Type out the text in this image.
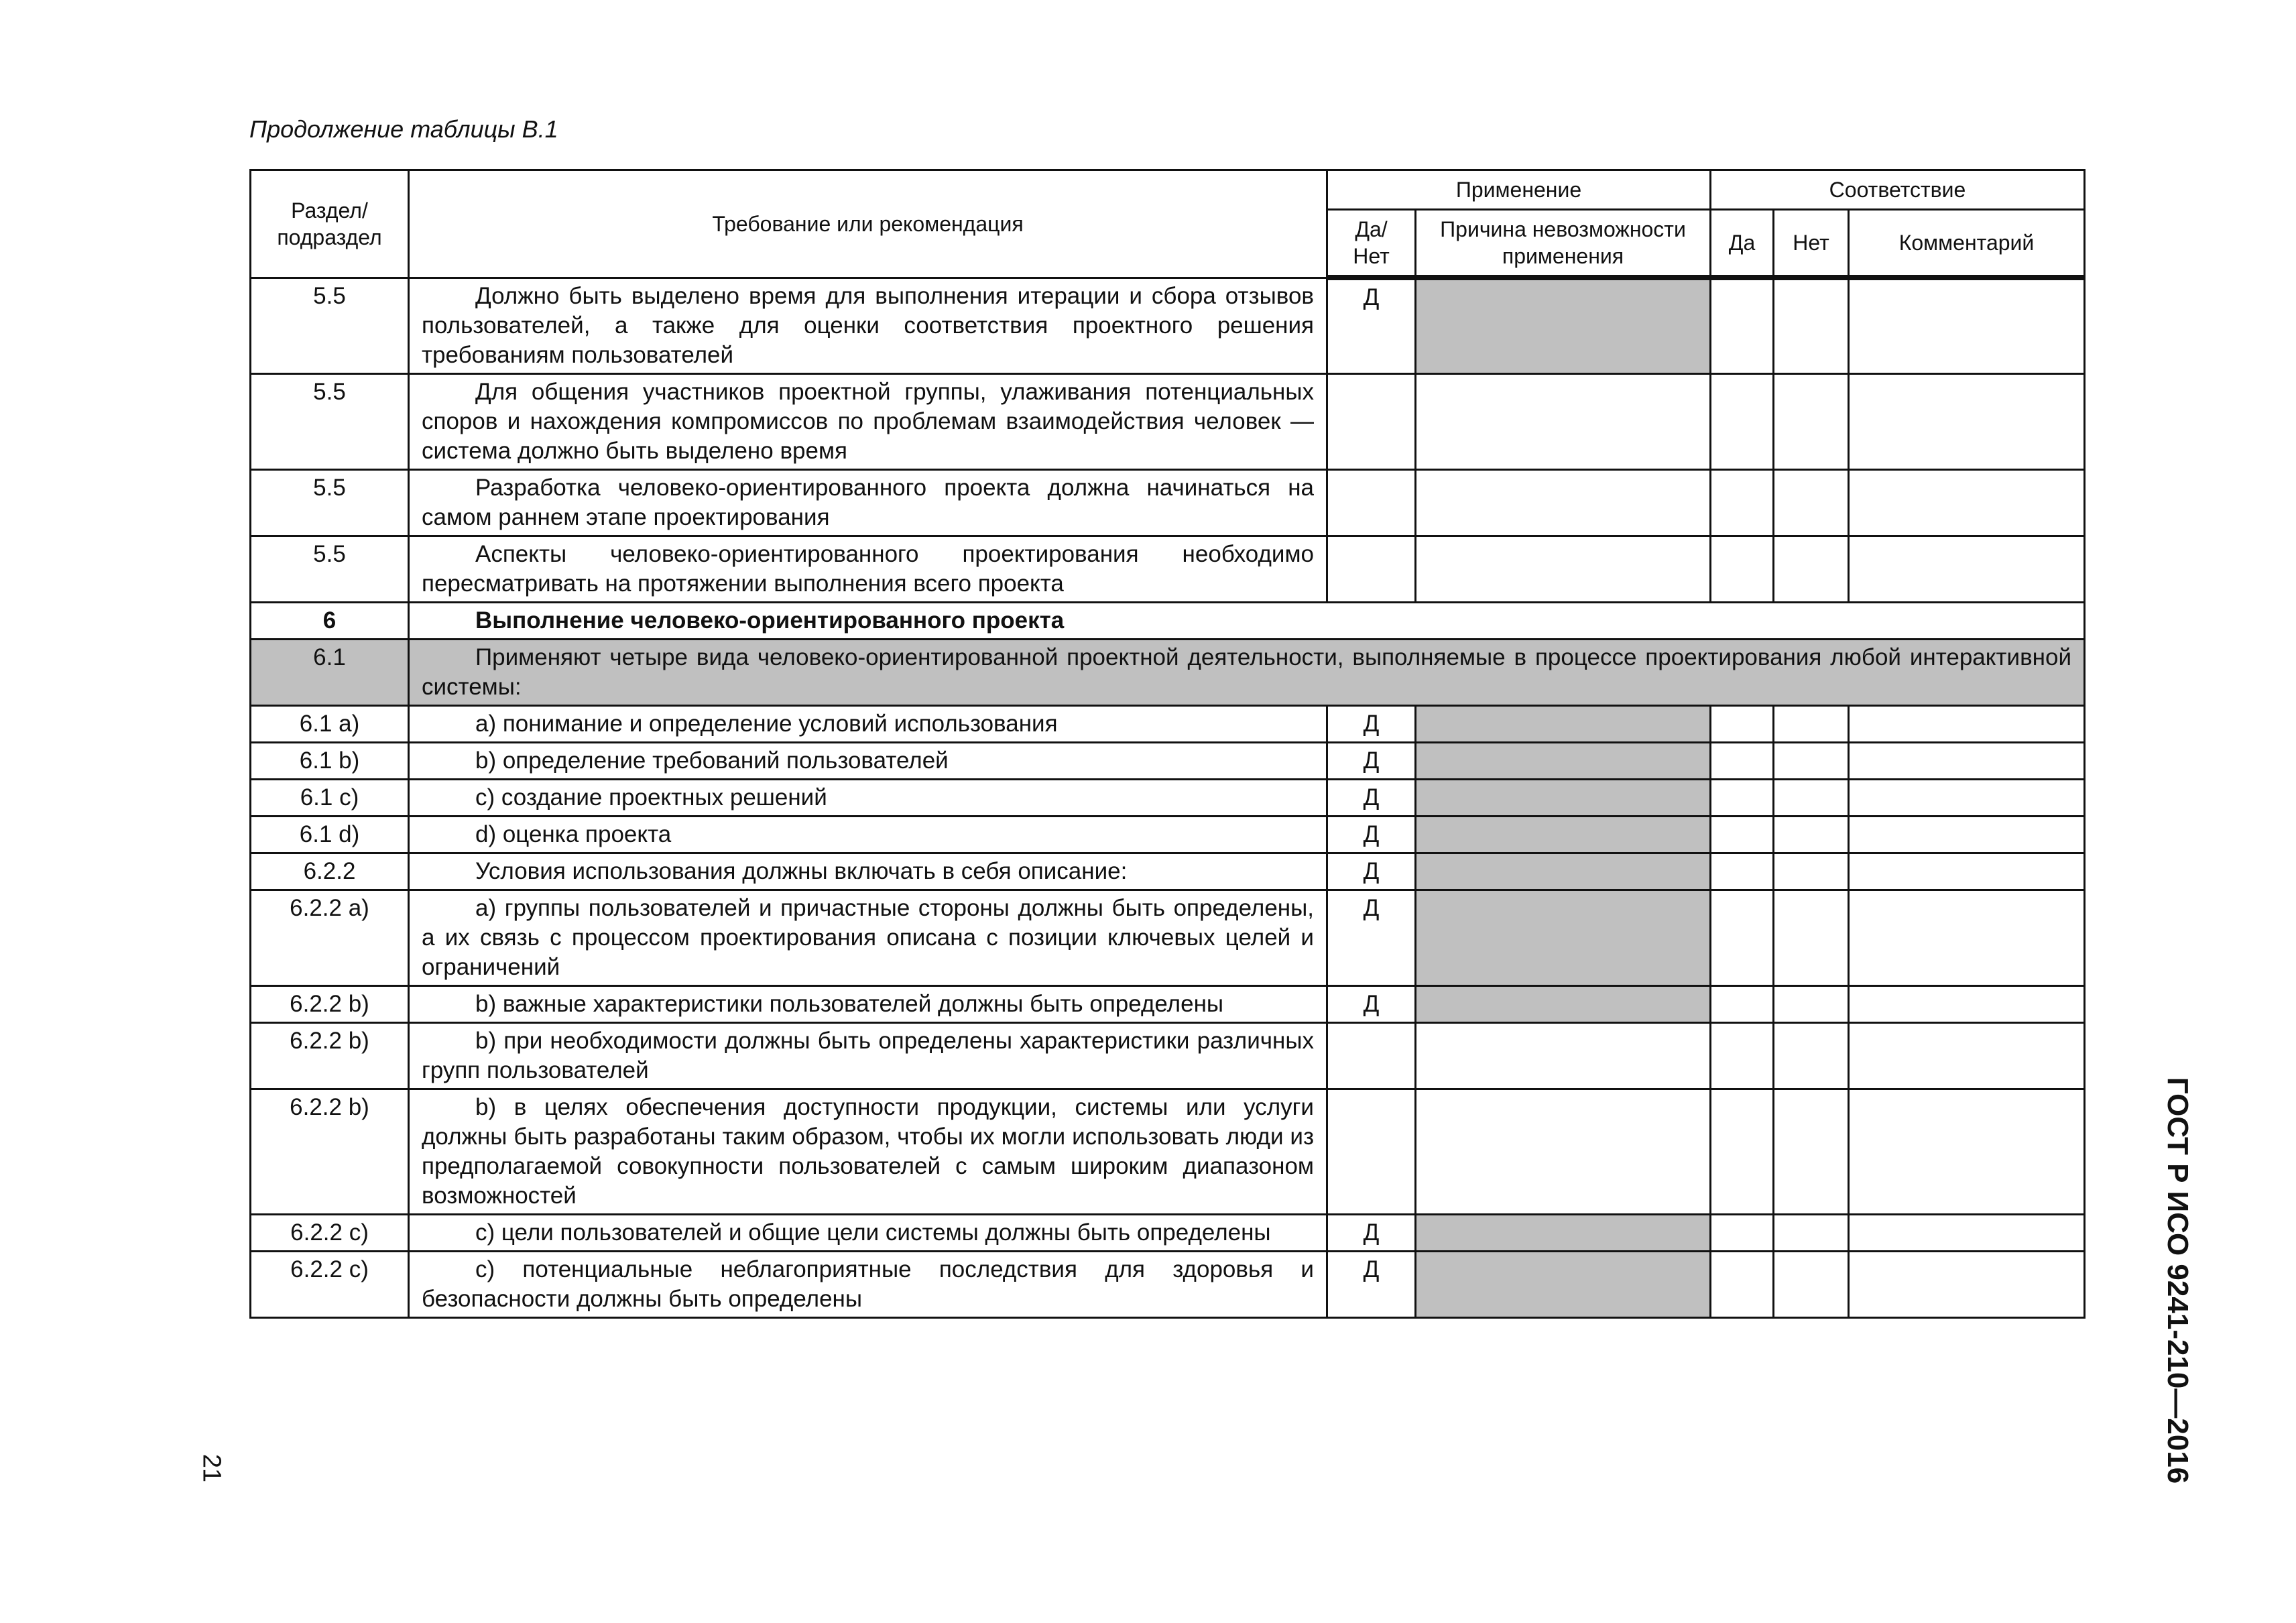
Продолжение таблицы В.1
Раздел/ подраздел	Требование или рекомендация	Применение		Соответствие		
		Да/ Нет	Причина невозможности применения	Да	Нет	Комментарий
5.5	Должно быть выделено время для выполнения итерации и сбора отзывов пользователей, а также для оценки соответствия проектного решения требованиям пользователей	Д				
5.5	Для общения участников проектной группы, улаживания потенциальных споров и нахождения компромиссов по проблемам взаимодействия человек — система должно быть выделено время					
5.5	Разработка человеко-ориентированного проекта должна начинаться на самом раннем этапе проектирования					
5.5	Аспекты человеко-ориентированного проектирования необходимо пересматривать на протяжении выполнения всего проекта					
6	Выполнение человеко-ориентированного проекта					
6.1	Применяют четыре вида человеко-ориентированной проектной деятельности, выполняемые в процессе проектирования любой интерактивной системы:					
6.1 a)	a) понимание и определение условий использования	Д				
6.1 b)	b) определение требований пользователей	Д				
6.1 c)	c) создание проектных решений	Д				
6.1 d)	d) оценка проекта	Д				
6.2.2	Условия использования должны включать в себя описание:	Д				
6.2.2 a)	a) группы пользователей и причастные стороны должны быть определены, а их связь с процессом проектирования описана с позиции ключевых целей и ограничений	Д				
6.2.2 b)	b) важные характеристики пользователей должны быть определены	Д				
6.2.2 b)	b) при необходимости должны быть определены характеристики различных групп пользователей					
6.2.2 b)	b) в целях обеспечения доступности продукции, системы или услуги должны быть разработаны таким образом, чтобы их могли использовать люди из предполагаемой совокупности пользователей с самым широким диапазоном возможностей					
6.2.2 c)	c) цели пользователей и общие цели системы должны быть определены	Д				
6.2.2 c)	c) потенциальные неблагоприятные последствия для здоровья и безопасности должны быть определены	Д					ГОСТ Р ИСО 9241-210—2016
21
